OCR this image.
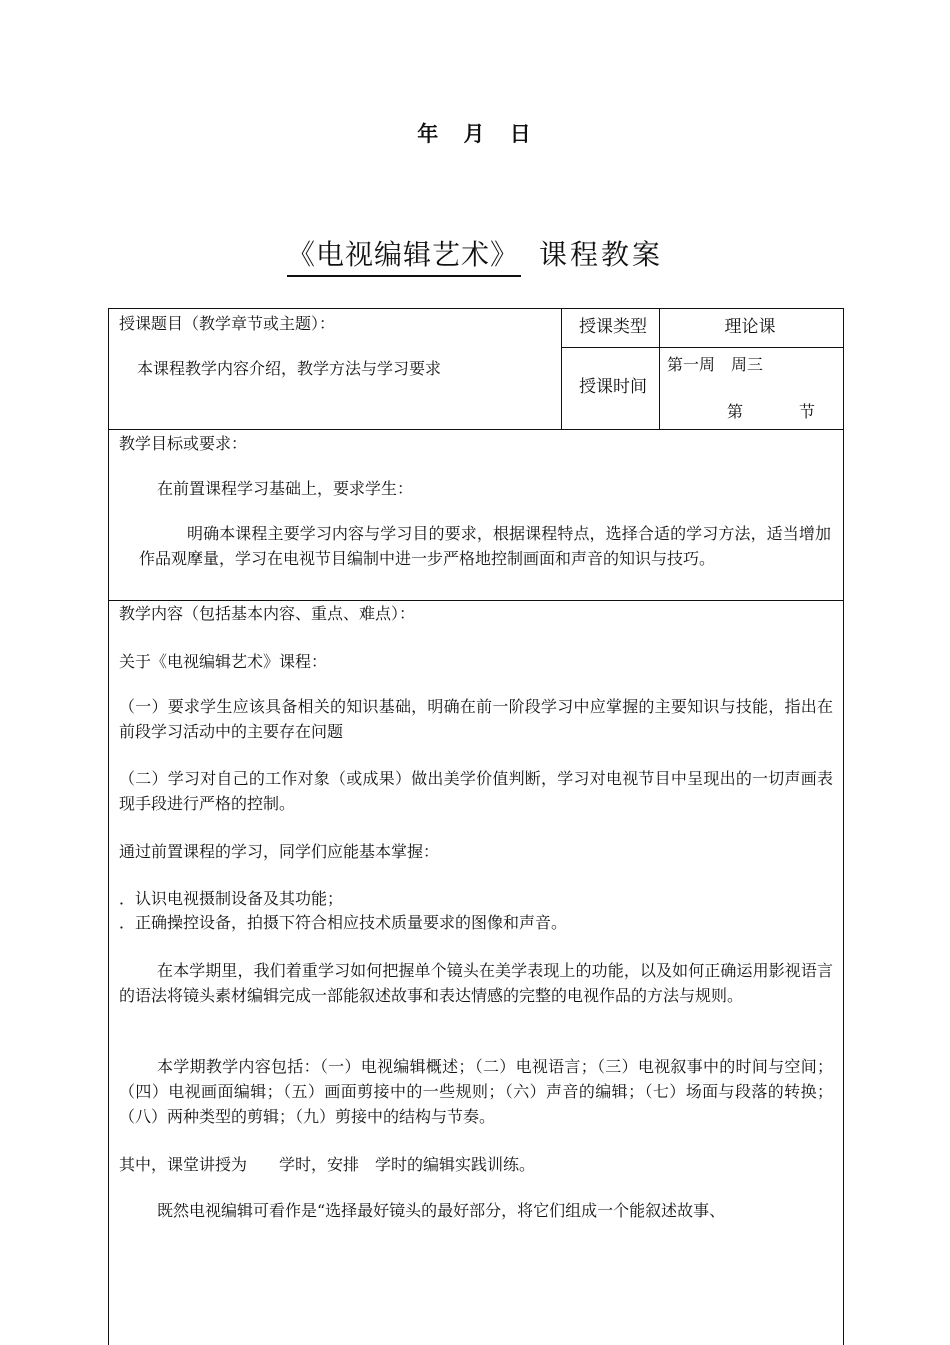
年 月 日
《电视编辑艺术》 课程教案
授课题目（教学章节或主题）：
本课程教学内容介绍，教学方法与学习要求
授课类型	理论课
授课时间
第一周　周三
第　　节
教学目标或要求：
在前置课程学习基础上，要求学生：
明确本课程主要学习内容与学习目的要求，根据课程特点，选择合适的学习方法，适当增加作品观摩量，学习在电视节目编制中进一步严格地控制画面和声音的知识与技巧。
教学内容（包括基本内容、重点、难点）：
关于《电视编辑艺术》课程：
（一）要求学生应该具备相关的知识基础，明确在前一阶段学习中应掌握的主要知识与技能，指出在前段学习活动中的主要存在问题
（二）学习对自己的工作对象（或成果）做出美学价值判断，学习对电视节目中呈现出的一切声画表现手段进行严格的控制。
通过前置课程的学习，同学们应能基本掌握：
．认识电视摄制设备及其功能；
．正确操控设备，拍摄下符合相应技术质量要求的图像和声音。
在本学期里，我们着重学习如何把握单个镜头在美学表现上的功能，以及如何正确运用影视语言的语法将镜头素材编辑完成一部能叙述故事和表达情感的完整的电视作品的方法与规则。
本学期教学内容包括：（一）电视编辑概述；（二）电视语言；（三）电视叙事中的时间与空间；（四）电视画面编辑；（五）画面剪接中的一些规则；（六）声音的编辑；（七）场面与段落的转换；（八）两种类型的剪辑；（九）剪接中的结构与节奏。
其中，课堂讲授为　　学时，安排　学时的编辑实践训练。
既然电视编辑可看作是“选择最好镜头的最好部分，将它们组成一个能叙述故事、
